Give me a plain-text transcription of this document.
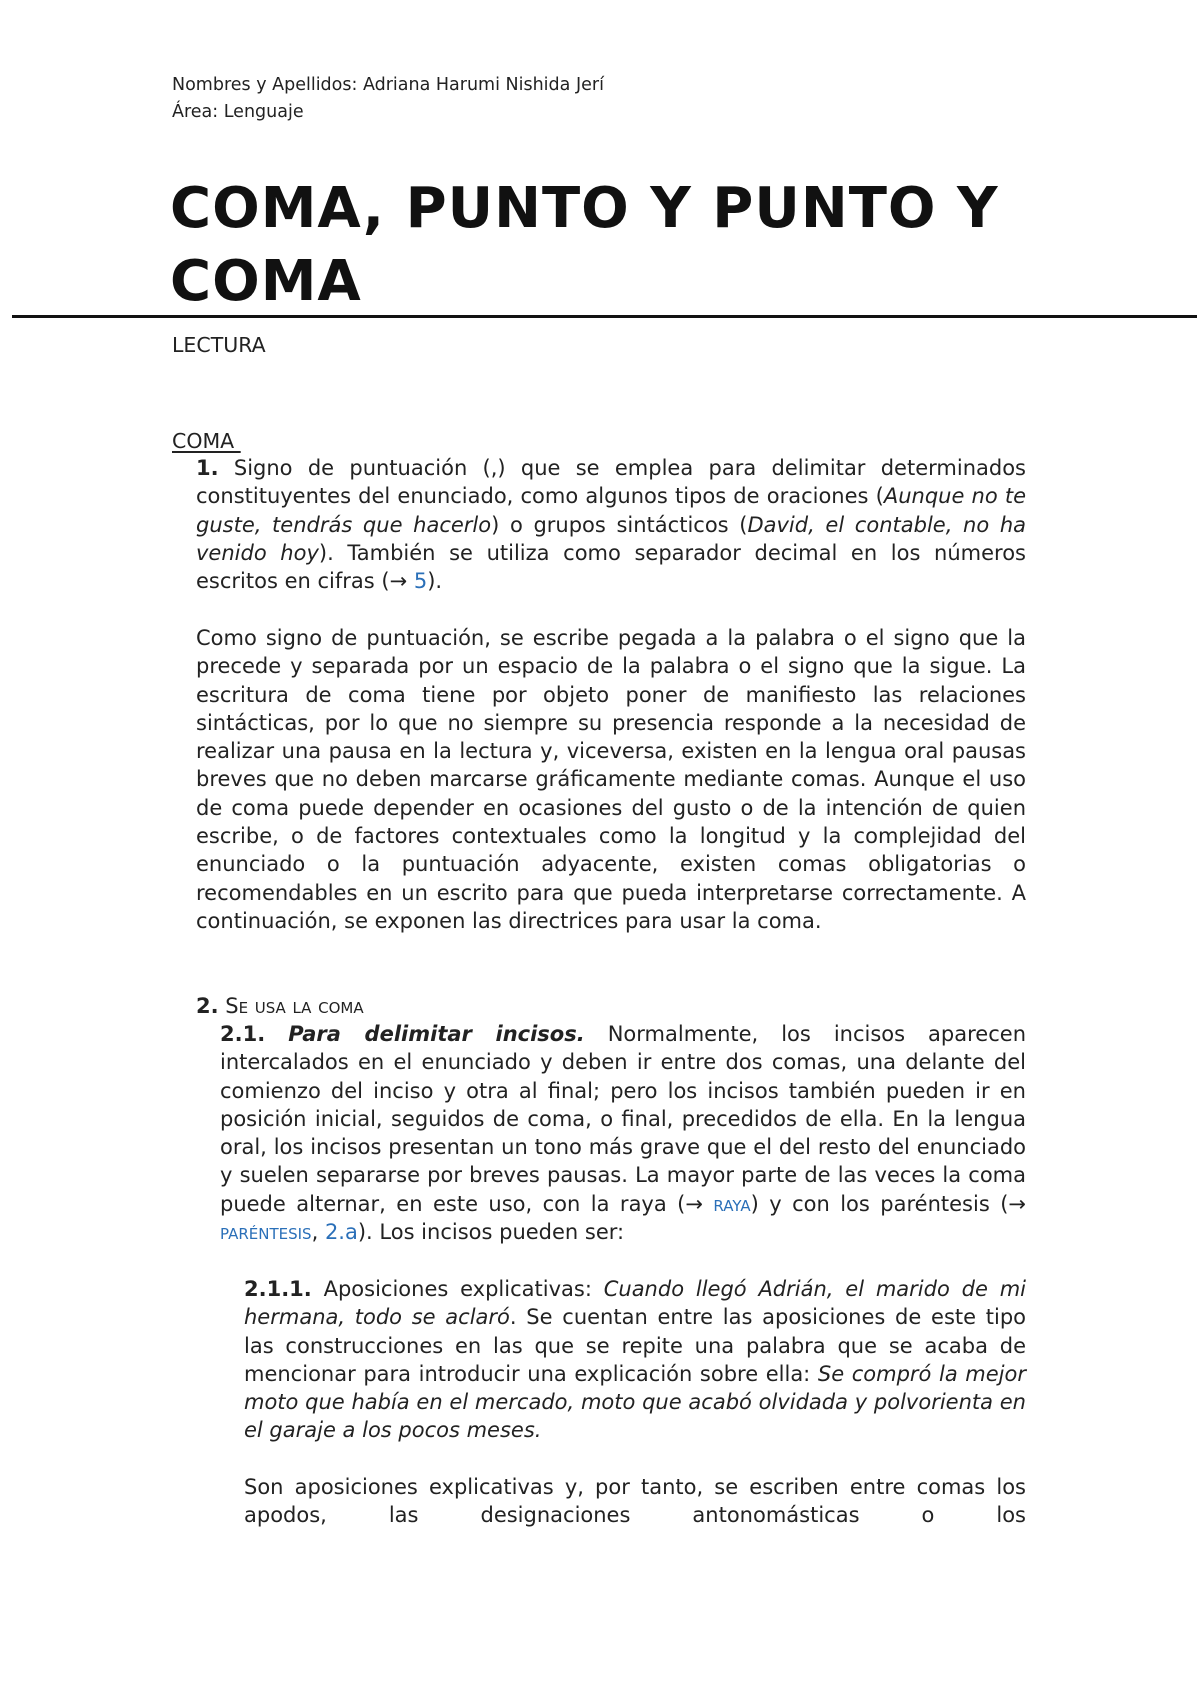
Nombres y Apellidos: Adriana Harumi Nishida Jerí
Área: Lenguaje
COMA, PUNTO Y PUNTO Y COMA
LECTURA
COMA

1. Signo de puntuación (,) que se emplea para delimitar determinados constituyentes del enunciado, como algunos tipos de oraciones (Aunque no te guste, tendrás que hacerlo) o grupos sintácticos (David, el contable, no ha venido hoy). También se utiliza como separador decimal en los números escritos en cifras (→ 5).

Como signo de puntuación, se escribe pegada a la palabra o el signo que la precede y separada por un espacio de la palabra o el signo que la sigue. La escritura de coma tiene por objeto poner de manifiesto las relaciones sintácticas, por lo que no siempre su presencia responde a la necesidad de realizar una pausa en la lectura y, viceversa, existen en la lengua oral pausas breves que no deben marcarse gráficamente mediante comas. Aunque el uso de coma puede depender en ocasiones del gusto o de la intención de quien escribe, o de factores contextuales como la longitud y la complejidad del enunciado o la puntuación adyacente, existen comas obligatorias o recomendables en un escrito para que pueda interpretarse correctamente. A continuación, se exponen las directrices para usar la coma.

2. Se usa la coma

2.1. Para delimitar incisos. Normalmente, los incisos aparecen intercalados en el enunciado y deben ir entre dos comas, una delante del comienzo del inciso y otra al final; pero los incisos también pueden ir en posición inicial, seguidos de coma, o final, precedidos de ella. En la lengua oral, los incisos presentan un tono más grave que el del resto del enunciado y suelen separarse por breves pausas. La mayor parte de las veces la coma puede alternar, en este uso, con la raya (→ raya) y con los paréntesis (→ paréntesis, 2.a). Los incisos pueden ser:

2.1.1. Aposiciones explicativas: Cuando llegó Adrián, el marido de mi hermana, todo se aclaró. Se cuentan entre las aposiciones de este tipo las construcciones en las que se repite una palabra que se acaba de mencionar para introducir una explicación sobre ella: Se compró la mejor moto que había en el mercado, moto que acabó olvidada y polvorienta en el garaje a los pocos meses.

Son aposiciones explicativas y, por tanto, se escriben entre comas los apodos, las designaciones antonomásticas o los
